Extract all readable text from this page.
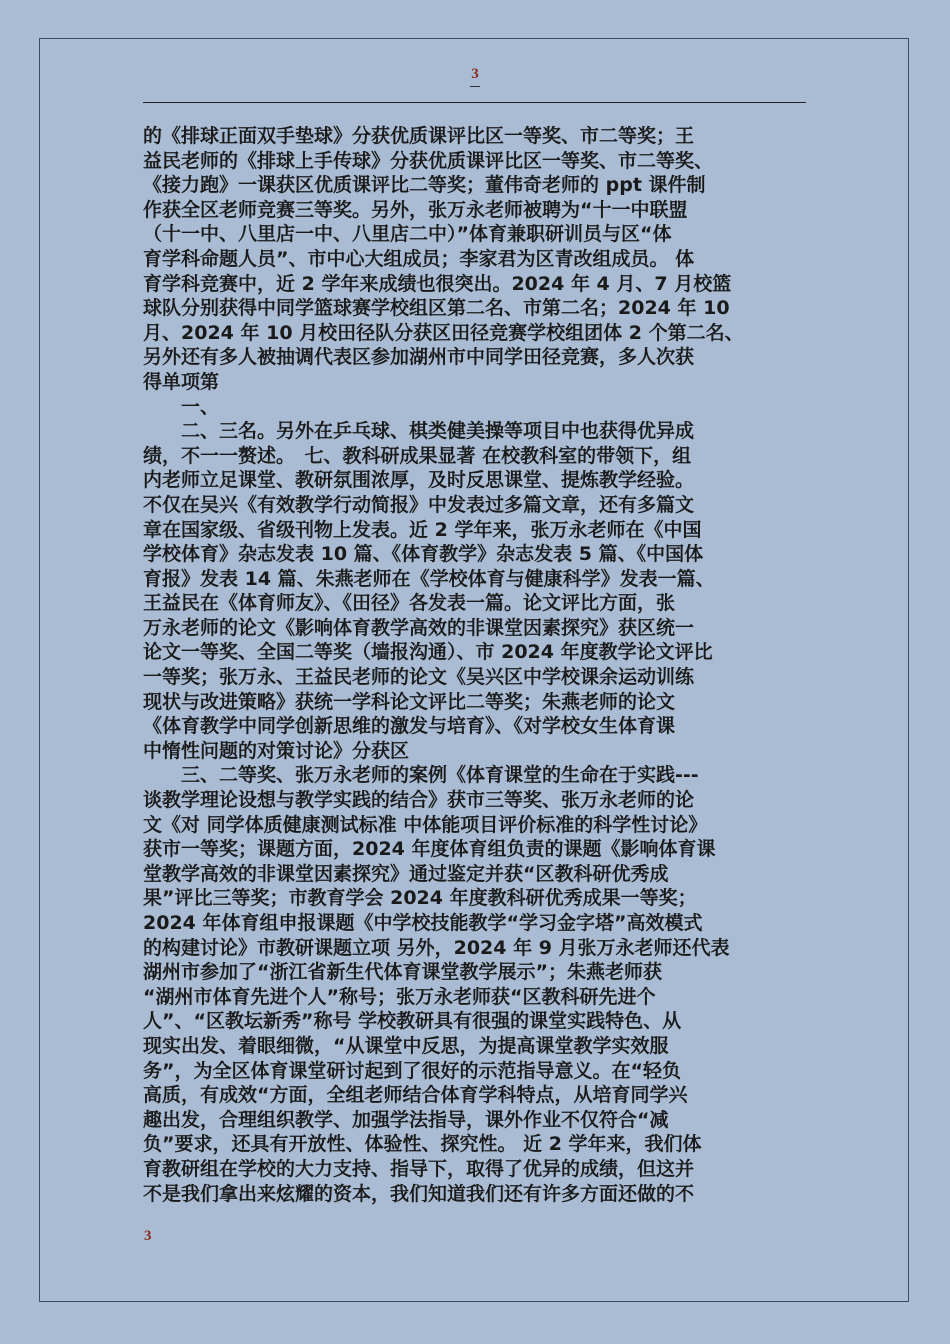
3

的《排球正面双手垫球》分获优质课评比区一等奖、市二等奖；王

益民老师的《排球上手传球》分获优质课评比区一等奖、市二等奖、

《接力跑》一课获区优质课评比二等奖；董伟奇老师的 ppt 课件制

作获全区老师竞赛三等奖。另外，张万永老师被聘为“十一中联盟

（十一中、八里店一中、八里店二中）”体育兼职研训员与区“体

育学科命题人员”、市中心大组成员；李家君为区青改组成员。 体

育学科竞赛中，近 2 学年来成绩也很突出。2024 年 4 月、7 月校篮

球队分别获得中同学篮球赛学校组区第二名、市第二名；2024 年 10

月、2024 年 10 月校田径队分获区田径竞赛学校组团体 2 个第二名、

另外还有多人被抽调代表区参加湖州市中同学田径竞赛，多人次获

得单项第

　　一、

　　二、三名。另外在乒乓球、棋类健美操等项目中也获得优异成

绩，不一一赘述。　七、教科研成果显著 在校教科室的带领下，组

内老师立足课堂、教研氛围浓厚，及时反思课堂、提炼教学经验。

不仅在吴兴《有效教学行动简报》中发表过多篇文章，还有多篇文

章在国家级、省级刊物上发表。近 2 学年来，张万永老师在《中国

学校体育》杂志发表 10 篇、《体育教学》杂志发表 5 篇、《中国体

育报》发表 14 篇、朱燕老师在《学校体育与健康科学》发表一篇、

王益民在《体育师友》、《田径》各发表一篇。论文评比方面，张

万永老师的论文《影响体育教学高效的非课堂因素探究》获区统一

论文一等奖、全国二等奖（墙报沟通）、市 2024 年度教学论文评比

一等奖；张万永、王益民老师的论文《吴兴区中学校课余运动训练

现状与改进策略》获统一学科论文评比二等奖；朱燕老师的论文

《体育教学中同学创新思维的激发与培育》、《对学校女生体育课

中惰性问题的对策讨论》分获区

　　三、二等奖、张万永老师的案例《体育课堂的生命在于实践---

谈教学理论设想与教学实践的结合》获市三等奖、张万永老师的论

文《对 同学体质健康测试标准 中体能项目评价标准的科学性讨论》

获市一等奖；课题方面，2024 年度体育组负责的课题《影响体育课

堂教学高效的非课堂因素探究》通过鉴定并获“区教科研优秀成

果”评比三等奖；市教育学会 2024 年度教科研优秀成果一等奖；

2024 年体育组申报课题《中学校技能教学“学习金字塔”高效模式

的构建讨论》市教研课题立项 另外，2024 年 9 月张万永老师还代表

湖州市参加了“浙江省新生代体育课堂教学展示”；朱燕老师获

“湖州市体育先进个人”称号；张万永老师获“区教科研先进个

人”、“区教坛新秀”称号 学校教研具有很强的课堂实践特色、从

现实出发、着眼细微，“从课堂中反思，为提高课堂教学实效服

务”，为全区体育课堂研讨起到了很好的示范指导意义。在“轻负

高质，有成效“方面，全组老师结合体育学科特点，从培育同学兴

趣出发，合理组织教学、加强学法指导，课外作业不仅符合“减

负”要求，还具有开放性、体验性、探究性。 近 2 学年来，我们体

育教研组在学校的大力支持、指导下，取得了优异的成绩，但这并

不是我们拿出来炫耀的资本，我们知道我们还有许多方面还做的不

3
